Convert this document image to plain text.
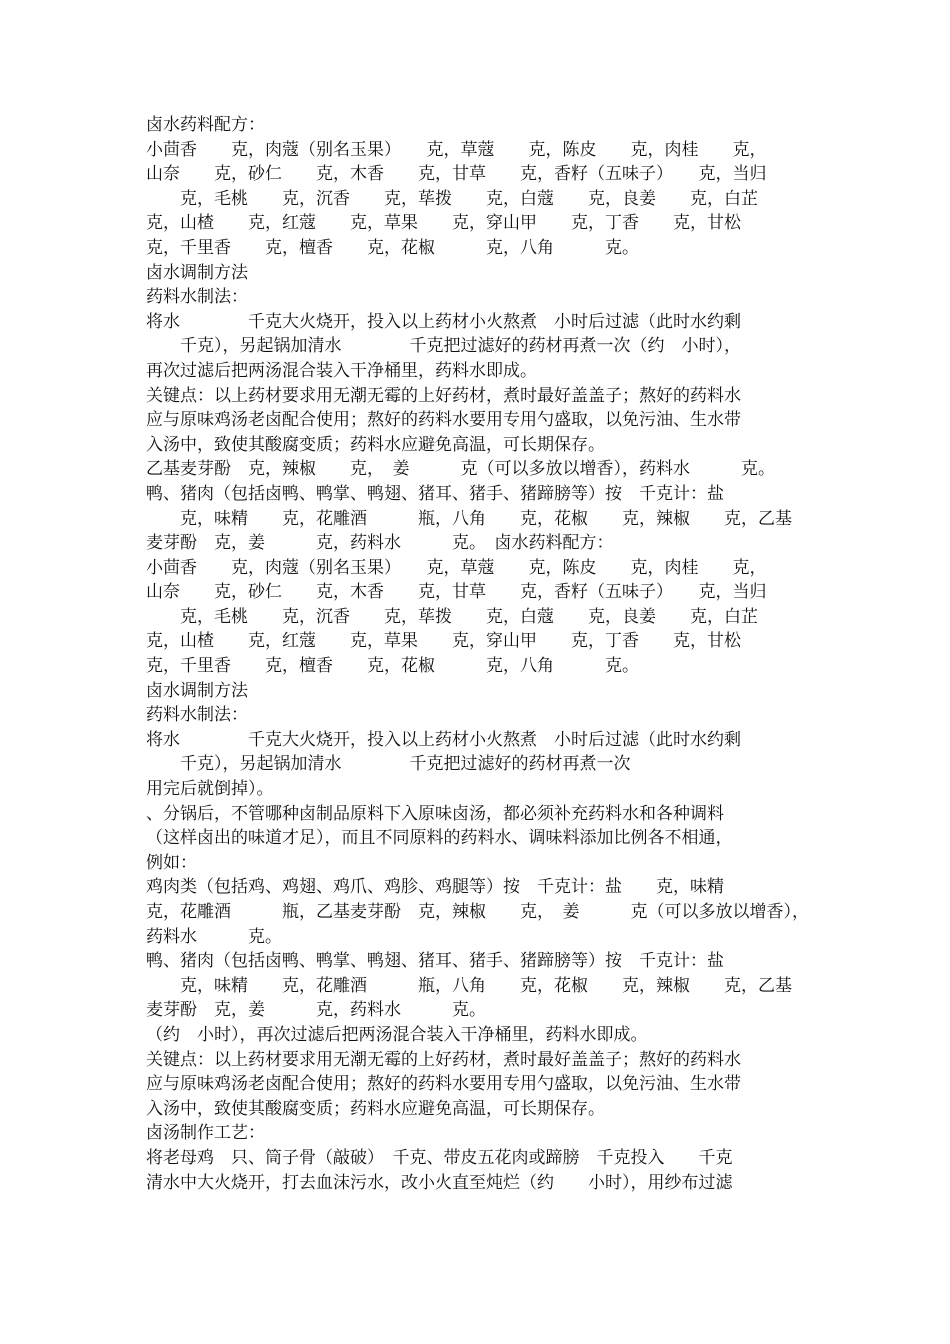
卤水药料配方：
小茴香　　克，肉蔻（别名玉果）　　克，草蔻　　克，陈皮　　克，肉桂　　克，
山奈　　克，砂仁　　克，木香　　克，甘草　　克，香籽（五味子）　　克，当归
　　克，毛桃　　克，沉香　　克，荜拨　　克，白蔻　　克，良姜　　克，白芷
克，山楂　　克，红蔻　　克，草果　　克，穿山甲　　克，丁香　　克，甘松
克，千里香　　克，檀香　　克，花椒　　　克，八角　　　克。
卤水调制方法
药料水制法：
将水　　　　千克大火烧开，投入以上药材小火熬煮　小时后过滤（此时水约剩
　　千克），另起锅加清水　　　　千克把过滤好的药材再煮一次（约　小时），
再次过滤后把两汤混合装入干净桶里，药料水即成。
关键点：以上药材要求用无潮无霉的上好药材，煮时最好盖盖子；熬好的药料水
应与原味鸡汤老卤配合使用；熬好的药料水要用专用勺盛取，以免污油、生水带
入汤中，致使其酸腐变质；药料水应避免高温，可长期保存。
乙基麦芽酚　克，辣椒　　克，　姜　　　克（可以多放以增香），药料水　　　克。
鸭、猪肉（包括卤鸭、鸭掌、鸭翅、猪耳、猪手、猪蹄膀等）按　千克计：盐
　　克，味精　　克，花雕酒　　　瓶，八角　　克，花椒　　克，辣椒　　克，乙基
麦芽酚　克，姜　　　克，药料水　　　克。　卤水药料配方：
小茴香　　克，肉蔻（别名玉果）　　克，草蔻　　克，陈皮　　克，肉桂　　克，
山奈　　克，砂仁　　克，木香　　克，甘草　　克，香籽（五味子）　　克，当归
　　克，毛桃　　克，沉香　　克，荜拨　　克，白蔻　　克，良姜　　克，白芷
克，山楂　　克，红蔻　　克，草果　　克，穿山甲　　克，丁香　　克，甘松
克，千里香　　克，檀香　　克，花椒　　　克，八角　　　克。
卤水调制方法
药料水制法：
将水　　　　千克大火烧开，投入以上药材小火熬煮　小时后过滤（此时水约剩
　　千克），另起锅加清水　　　　千克把过滤好的药材再煮一次
用完后就倒掉）。
、分锅后，不管哪种卤制品原料下入原味卤汤，都必须补充药料水和各种调料
（这样卤出的味道才足），而且不同原料的药料水、调味料添加比例各不相通，
例如：
鸡肉类（包括鸡、鸡翅、鸡爪、鸡胗、鸡腿等）按　千克计：盐　　克，味精
克，花雕酒　　　瓶，乙基麦芽酚　克，辣椒　　克，　姜　　　克（可以多放以增香），
药料水　　　克。
鸭、猪肉（包括卤鸭、鸭掌、鸭翅、猪耳、猪手、猪蹄膀等）按　千克计：盐
　　克，味精　　克，花雕酒　　　瓶，八角　　克，花椒　　克，辣椒　　克，乙基
麦芽酚　克，姜　　　克，药料水　　　克。
（约　小时），再次过滤后把两汤混合装入干净桶里，药料水即成。
关键点：以上药材要求用无潮无霉的上好药材，煮时最好盖盖子；熬好的药料水
应与原味鸡汤老卤配合使用；熬好的药料水要用专用勺盛取，以免污油、生水带
入汤中，致使其酸腐变质；药料水应避免高温，可长期保存。
卤汤制作工艺：
将老母鸡　只、筒子骨（敲破）　千克、带皮五花肉或蹄膀　千克投入　　千克
清水中大火烧开，打去血沫污水，改小火直至炖烂（约　　小时），用纱布过滤
